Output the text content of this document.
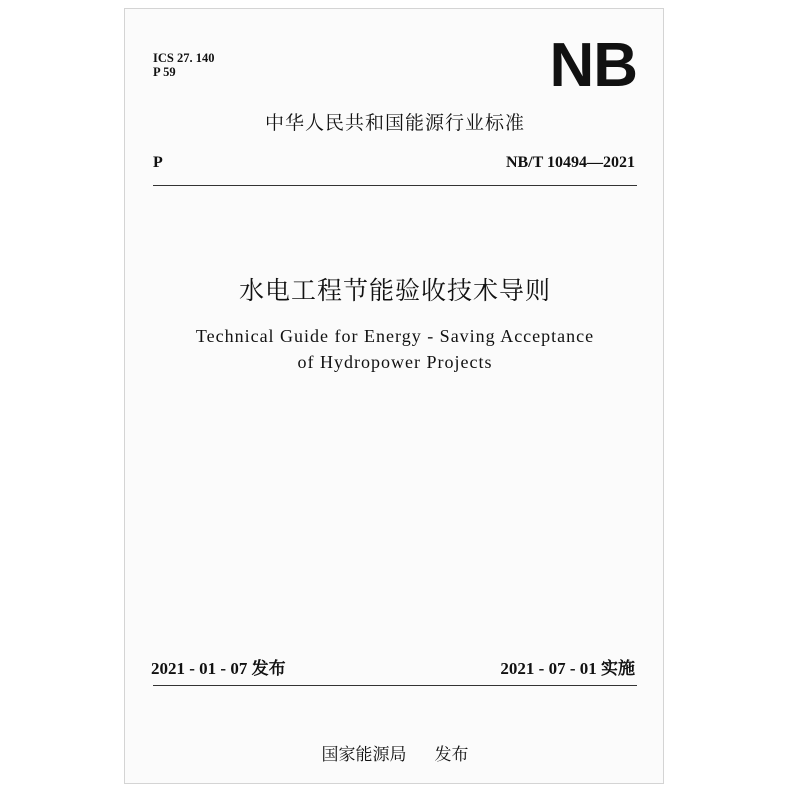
ICS 27. 140
P 59	NB
中华人民共和国能源行业标准
P	NB/T 10494—2021
水电工程节能验收技术导则
Technical Guide for Energy - Saving Acceptance
of Hydropower Projects
2021 - 01 - 07 发布	2021 - 07 - 01 实施
国家能源局 发布
